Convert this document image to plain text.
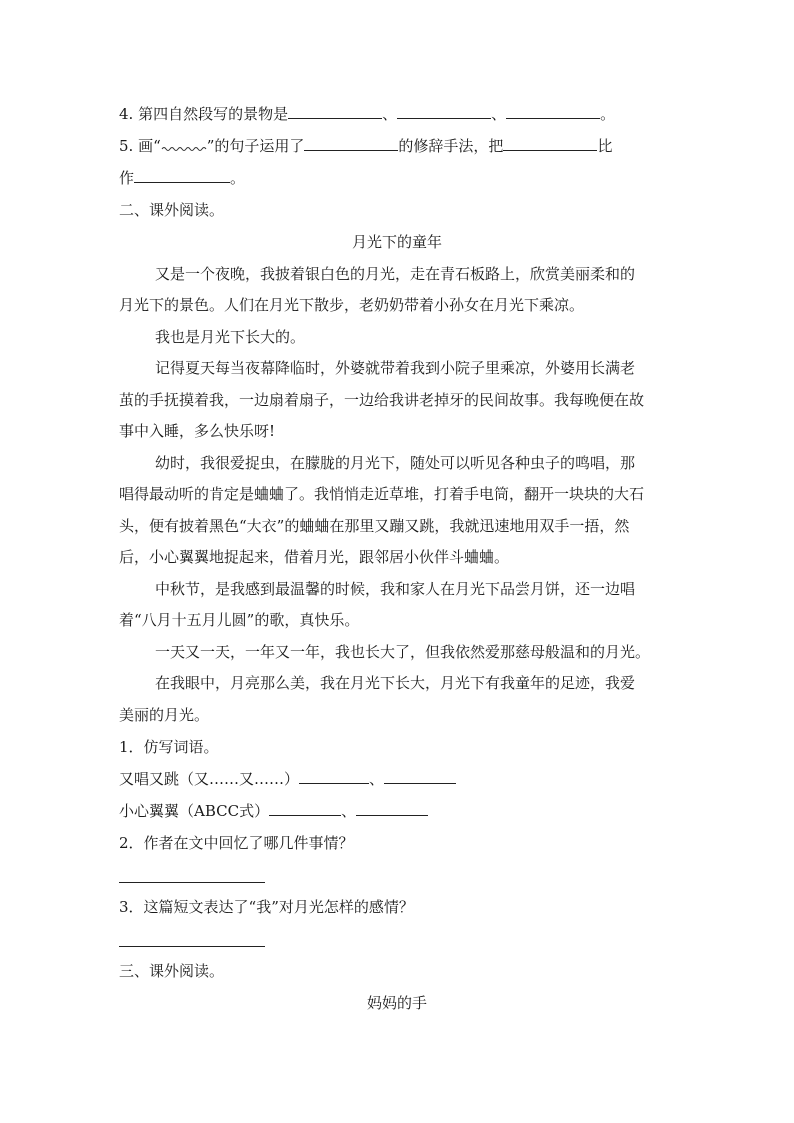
4. 第四自然段写的景物是	、	、	。
5. 画“	”的句子运用了	的修辞手法，把	比
作	。
二、课外阅读。
月光下的童年
又是一个夜晚，我披着银白色的月光，走在青石板路上，欣赏美丽柔和的
月光下的景色。人们在月光下散步，老奶奶带着小孙女在月光下乘凉。
我也是月光下长大的。
记得夏天每当夜幕降临时，外婆就带着我到小院子里乘凉，外婆用长满老
茧的手抚摸着我，一边扇着扇子，一边给我讲老掉牙的民间故事。我每晚便在故
事中入睡，多么快乐呀!
幼时，我很爱捉虫，在朦胧的月光下，随处可以听见各种虫子的鸣唱，那
唱得最动听的肯定是蛐蛐了。我悄悄走近草堆，打着手电筒，翻开一块块的大石
头，便有披着黑色“大衣”的蛐蛐在那里又蹦又跳，我就迅速地用双手一捂，然
后，小心翼翼地捉起来，借着月光，跟邻居小伙伴斗蛐蛐。
中秋节，是我感到最温馨的时候，我和家人在月光下品尝月饼，还一边唱
着“八月十五月儿圆”的歌，真快乐。
一天又一天，一年又一年，我也长大了，但我依然爱那慈母般温和的月光。
在我眼中，月亮那么美，我在月光下长大，月光下有我童年的足迹，我爱
美丽的月光。
1．仿写词语。
又唱又跳（又……又……）	、
小心翼翼（ABCC式）	、
2．作者在文中回忆了哪几件事情？
3．这篇短文表达了“我”对月光怎样的感情？
三、课外阅读。
妈妈的手
